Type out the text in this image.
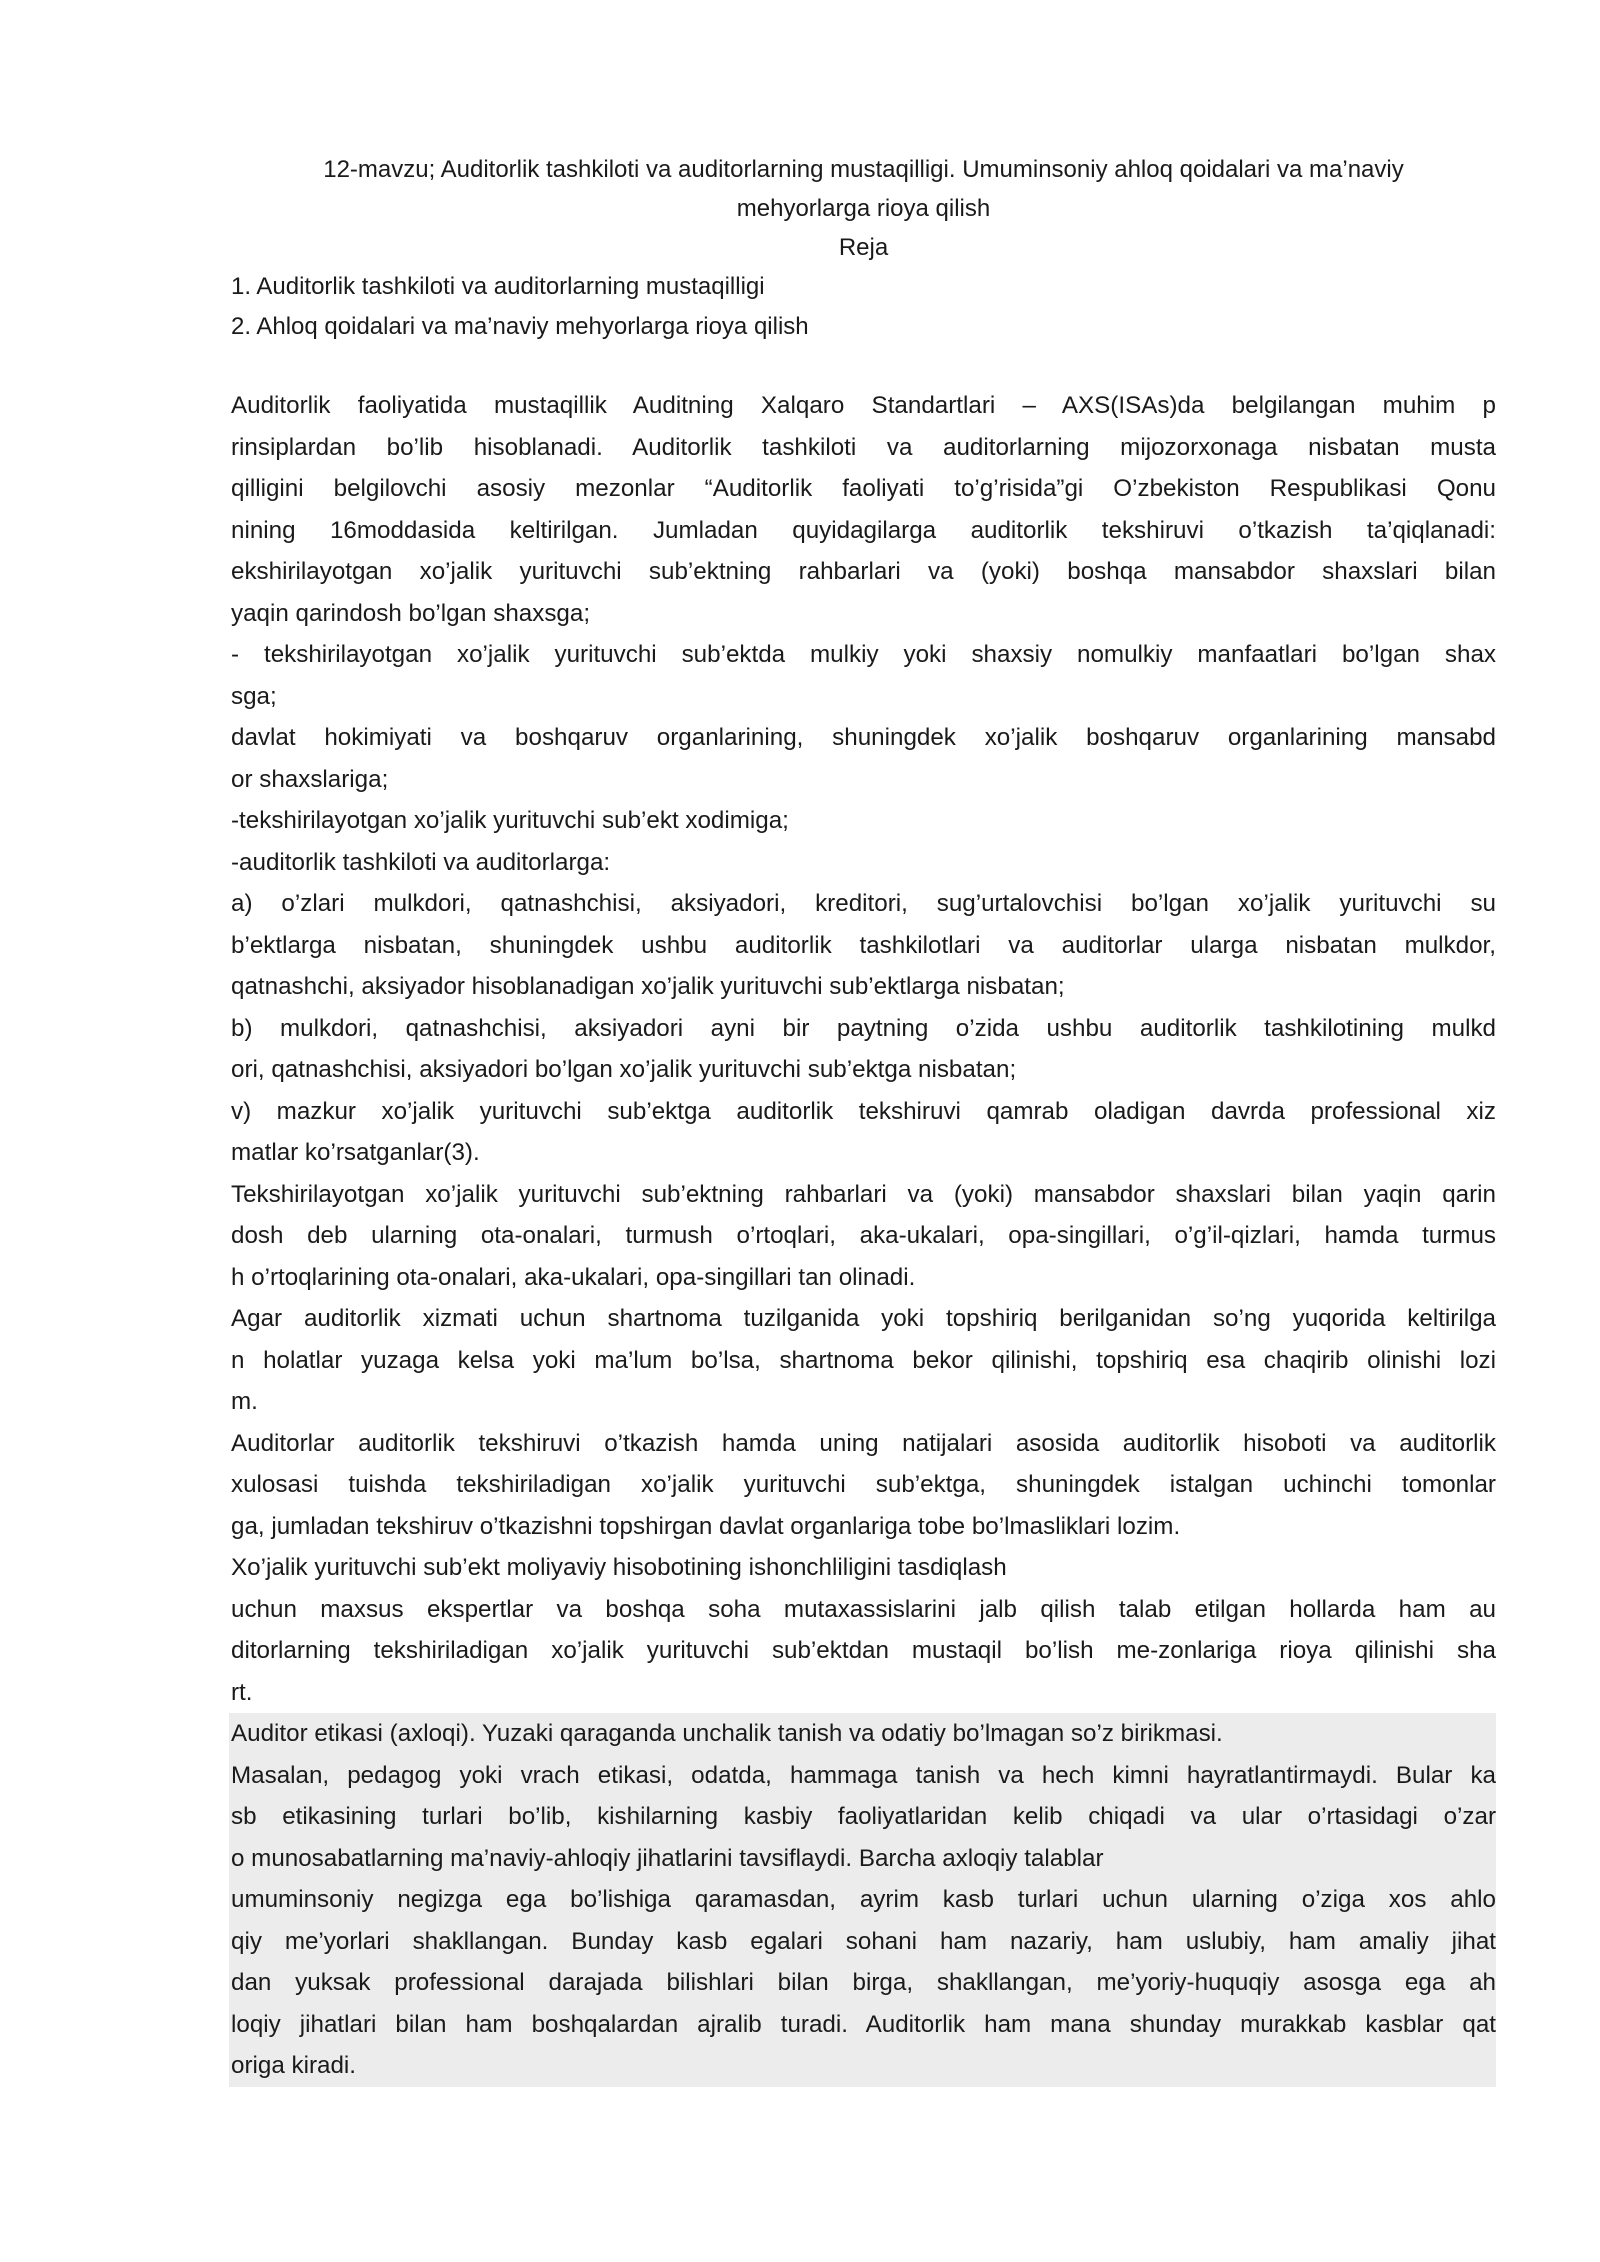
12-mavzu; Auditorlik tashkiloti va auditorlarning mustaqilligi. Umuminsoniy ahloq qoidalari va ma’naviy
mehyorlarga rioya qilish
Reja
1. Auditorlik tashkiloti va auditorlarning mustaqilligi
2. Ahloq qoidalari va ma’naviy mehyorlarga rioya qilish
Auditorlik faoliyatida mustaqillik Auditning Xalqaro Standartlari – AXS(ISAs)da belgilangan muhim p
rinsiplardan bo’lib hisoblanadi. Auditorlik tashkiloti va auditorlarning mijozorxonaga nisbatan musta
qilligini belgilovchi asosiy mezonlar “Auditorlik faoliyati to’g’risida”gi O’zbekiston Respublikasi Qonu
nining 16moddasida keltirilgan. Jumladan quyidagilarga auditorlik tekshiruvi o’tkazish ta’qiqlanadi:
ekshirilayotgan xo’jalik yurituvchi sub’ektning rahbarlari va (yoki) boshqa mansabdor shaxslari bilan
yaqin qarindosh bo’lgan shaxsga;
- tekshirilayotgan xo’jalik yurituvchi sub’ektda mulkiy yoki shaxsiy nomulkiy manfaatlari bo’lgan shax
sga;
davlat hokimiyati va boshqaruv organlarining, shuningdek xo’jalik boshqaruv organlarining mansabd
or shaxslariga;
-tekshirilayotgan xo’jalik yurituvchi sub’ekt xodimiga;
-auditorlik tashkiloti va auditorlarga:
a) o’zlari mulkdori, qatnashchisi, aksiyadori, kreditori, sug’urtalovchisi bo’lgan xo’jalik yurituvchi su
b’ektlarga nisbatan, shuningdek ushbu auditorlik tashkilotlari va auditorlar ularga nisbatan mulkdor,
qatnashchi, aksiyador hisoblanadigan xo’jalik yurituvchi sub’ektlarga nisbatan;
b) mulkdori, qatnashchisi, aksiyadori ayni bir paytning o’zida ushbu auditorlik tashkilotining mulkd
ori, qatnashchisi, aksiyadori bo’lgan xo’jalik yurituvchi sub’ektga nisbatan;
v) mazkur xo’jalik yurituvchi sub’ektga auditorlik tekshiruvi qamrab oladigan davrda professional xiz
matlar ko’rsatganlar(3).
Tekshirilayotgan xo’jalik yurituvchi sub’ektning rahbarlari va (yoki) mansabdor shaxslari bilan yaqin qarin
dosh deb ularning ota-onalari, turmush o’rtoqlari, aka-ukalari, opa-singillari, o’g’il-qizlari, hamda turmus
h o’rtoqlarining ota-onalari, aka-ukalari, opa-singillari tan olinadi.
Agar auditorlik xizmati uchun shartnoma tuzilganida yoki topshiriq berilganidan so’ng yuqorida keltirilga
n holatlar yuzaga kelsa yoki ma’lum bo’lsa, shartnoma bekor qilinishi, topshiriq esa chaqirib olinishi lozi
m.
Auditorlar auditorlik tekshiruvi o’tkazish hamda uning natijalari asosida auditorlik hisoboti va auditorlik
xulosasi tuishda tekshiriladigan xo’jalik yurituvchi sub’ektga, shuningdek istalgan uchinchi tomonlar
ga, jumladan tekshiruv o’tkazishni topshirgan davlat organlariga tobe bo’lmasliklari lozim.
Xo’jalik yurituvchi sub’ekt moliyaviy hisobotining ishonchliligini tasdiqlash
uchun maxsus ekspertlar va boshqa soha mutaxassislarini jalb qilish talab etilgan hollarda ham au
ditorlarning tekshiriladigan xo’jalik yurituvchi sub’ektdan mustaqil bo’lish me-zonlariga rioya qilinishi sha
rt.
Auditor etikasi (axloqi). Yuzaki qaraganda unchalik tanish va odatiy bo’lmagan so’z birikmasi.
Masalan, pedagog yoki vrach etikasi, odatda, hammaga tanish va hech kimni hayratlantirmaydi. Bular ka
sb etikasining turlari bo’lib, kishilarning kasbiy faoliyatlaridan kelib chiqadi va ular o’rtasidagi o’zar
o munosabatlarning ma’naviy-ahloqiy jihatlarini tavsiflaydi. Barcha axloqiy talablar
umuminsoniy negizga ega bo’lishiga qaramasdan, ayrim kasb turlari uchun ularning o’ziga xos ahlo
qiy me’yorlari shakllangan. Bunday kasb egalari sohani ham nazariy, ham uslubiy, ham amaliy jihat
dan yuksak professional darajada bilishlari bilan birga, shakllangan, me’yoriy-huquqiy asosga ega ah
loqiy jihatlari bilan ham boshqalardan ajralib turadi. Auditorlik ham mana shunday murakkab kasblar qat
origa kiradi.
